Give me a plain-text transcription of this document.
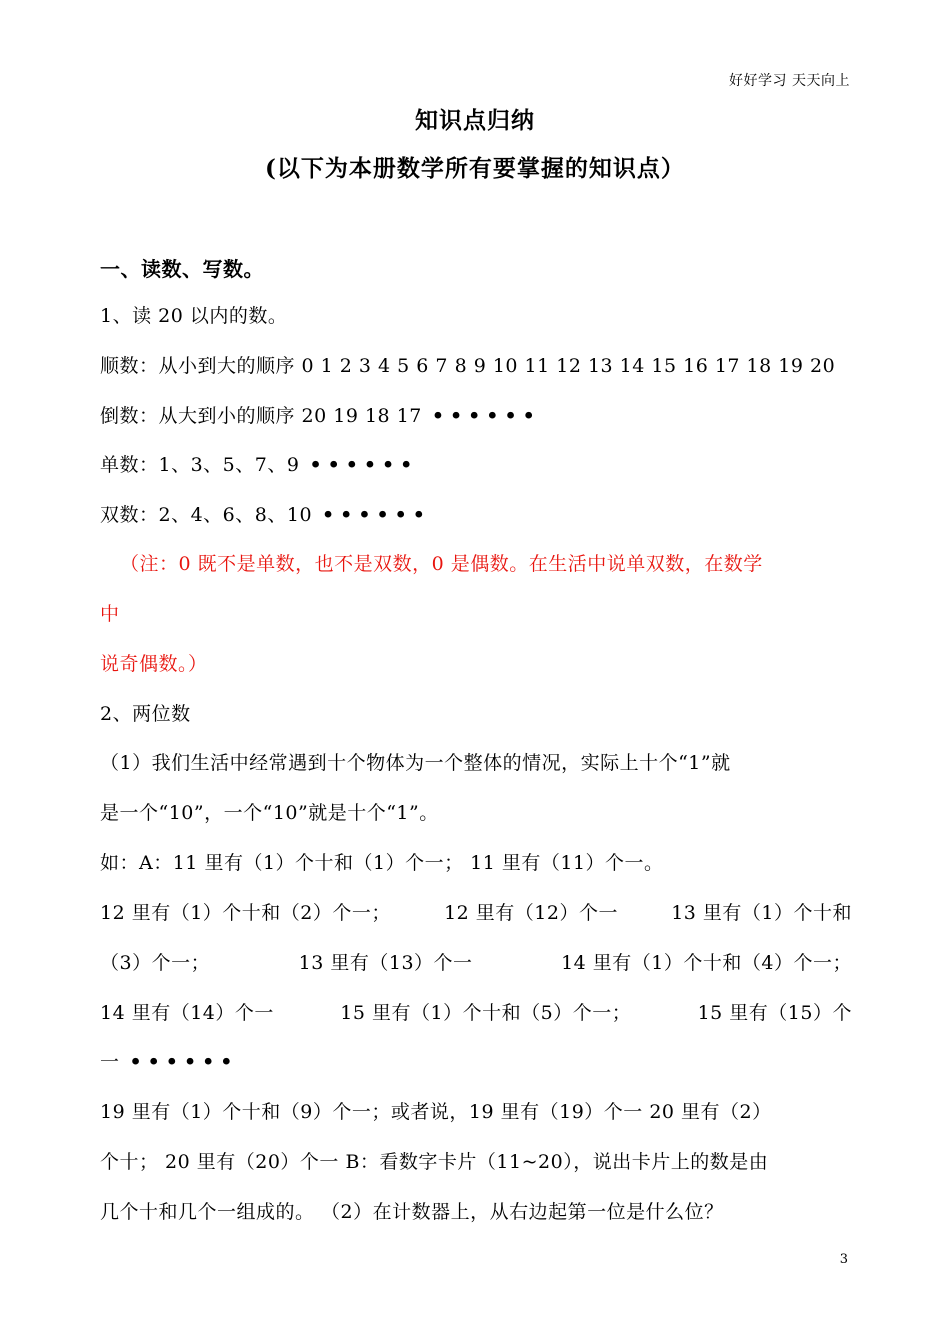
好好学习 天天向上
知识点归纳
(以下为本册数学所有要掌握的知识点）
一、读数、写数。
1、读 20 以内的数。
顺数：从小到大的顺序 0 1 2 3 4 5 6 7 8 9 10 11 12 13 14 15 16 17 18 19 20
倒数：从大到小的顺序 20 19 18 17 ••••••
单数：1、3、5、7、9 ••••••
双数：2、4、6、8、10 ••••••
（注：0 既不是单数，也不是双数，0 是偶数。在生活中说单双数，在数学
中
说奇偶数。）
2、两位数
（1）我们生活中经常遇到十个物体为一个整体的情况，实际上十个“1”就
是一个“10”，一个“10”就是十个“1”。
如：A：11 里有（1）个十和（1）个一； 11 里有（11）个一。
12 里有（1）个十和（2）个一；	12 里有（12）个一	13 里有（1）个十和
（3）个一；	13 里有（13）个一	14 里有（1）个十和（4）个一；
14 里有（14）个一	15 里有（1）个十和（5）个一；	15 里有（15）个
一 ••••••
19 里有（1）个十和（9）个一；或者说，19 里有（19）个一 20 里有（2）
个十； 20 里有（20）个一 B：看数字卡片（11~20），说出卡片上的数是由
几个十和几个一组成的。 （2）在计数器上，从右边起第一位是什么位？
3
